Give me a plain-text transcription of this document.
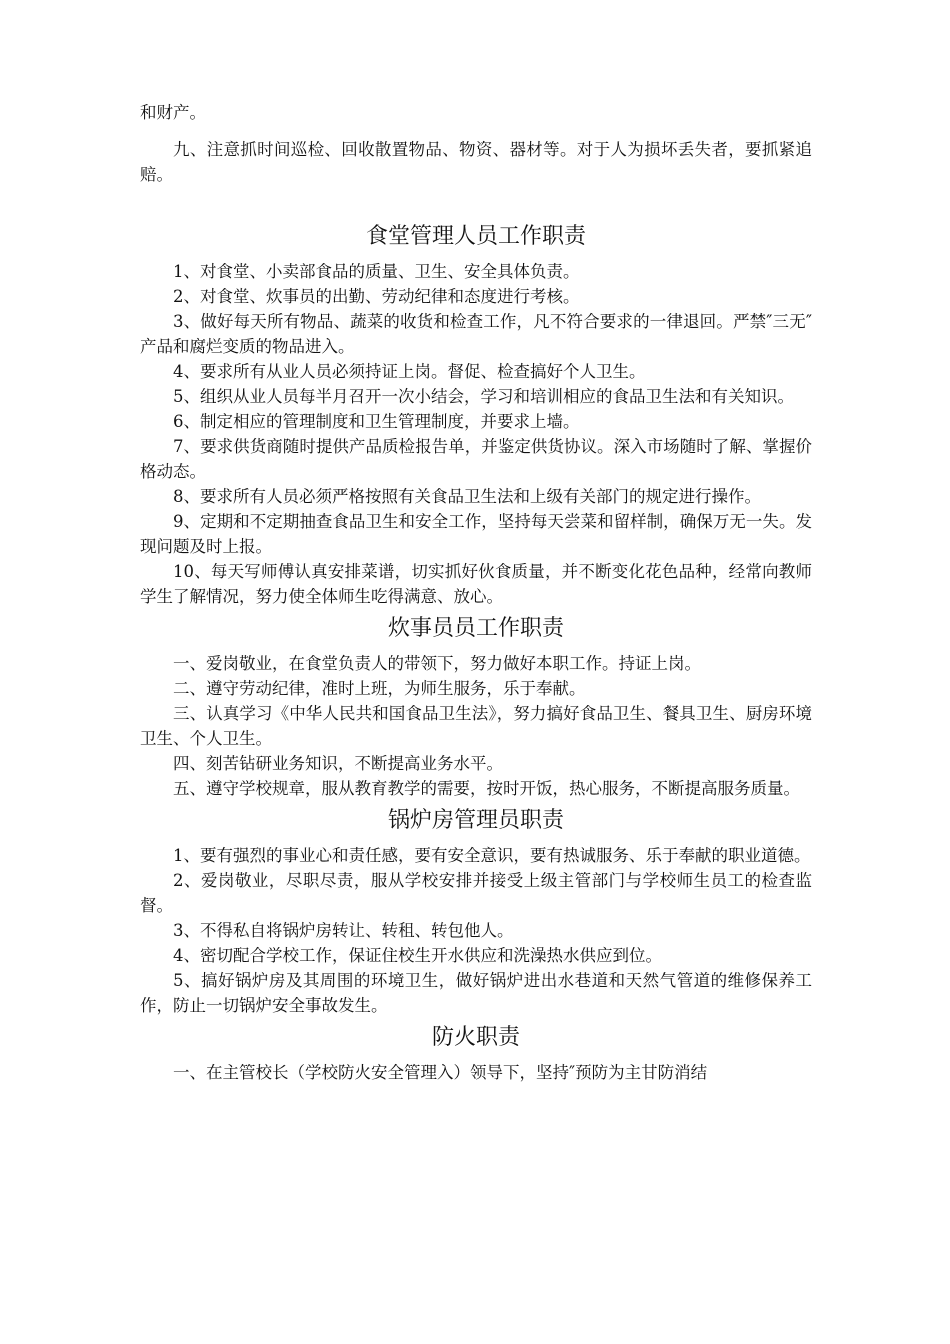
和财产。

九、注意抓时间巡检、回收散置物品、物资、器材等。对于人为损坏丢失者，要抓紧追赔。

食堂管理人员工作职责

1、对食堂、小卖部食品的质量、卫生、安全具体负责。

2、对食堂、炊事员的出勤、劳动纪律和态度进行考核。

3、做好每天所有物品、蔬菜的收货和检查工作，凡不符合要求的一律退回。严禁″三无″产品和腐烂变质的物品进入。

4、要求所有从业人员必须持证上岗。督促、检查搞好个人卫生。

5、组织从业人员每半月召开一次小结会，学习和培训相应的食品卫生法和有关知识。

6、制定相应的管理制度和卫生管理制度，并要求上墙。

7、要求供货商随时提供产品质检报告单，并鉴定供货协议。深入市场随时了解、掌握价格动态。

8、要求所有人员必须严格按照有关食品卫生法和上级有关部门的规定进行操作。

9、定期和不定期抽查食品卫生和安全工作，坚持每天尝菜和留样制，确保万无一失。发现问题及时上报。

10、每天写师傅认真安排菜谱，切实抓好伙食质量，并不断变化花色品种，经常向教师学生了解情况，努力使全体师生吃得满意、放心。

炊事员员工作职责

一、爱岗敬业，在食堂负责人的带领下，努力做好本职工作。持证上岗。

二、遵守劳动纪律，准时上班，为师生服务，乐于奉献。

三、认真学习《中华人民共和国食品卫生法》，努力搞好食品卫生、餐具卫生、厨房环境卫生、个人卫生。

四、刻苦钻研业务知识，不断提高业务水平。

五、遵守学校规章，服从教育教学的需要，按时开饭，热心服务，不断提高服务质量。

锅炉房管理员职责

1、要有强烈的事业心和责任感，要有安全意识，要有热诚服务、乐于奉献的职业道德。

2、爱岗敬业，尽职尽责，服从学校安排并接受上级主管部门与学校师生员工的检查监督。

3、不得私自将锅炉房转让、转租、转包他人。

4、密切配合学校工作，保证住校生开水供应和洗澡热水供应到位。

5、搞好锅炉房及其周围的环境卫生，做好锅炉进出水巷道和天然气管道的维修保养工作，防止一切锅炉安全事故发生。

防火职责

一、在主管校长（学校防火安全管理入）领导下，坚持″预防为主甘防消结
